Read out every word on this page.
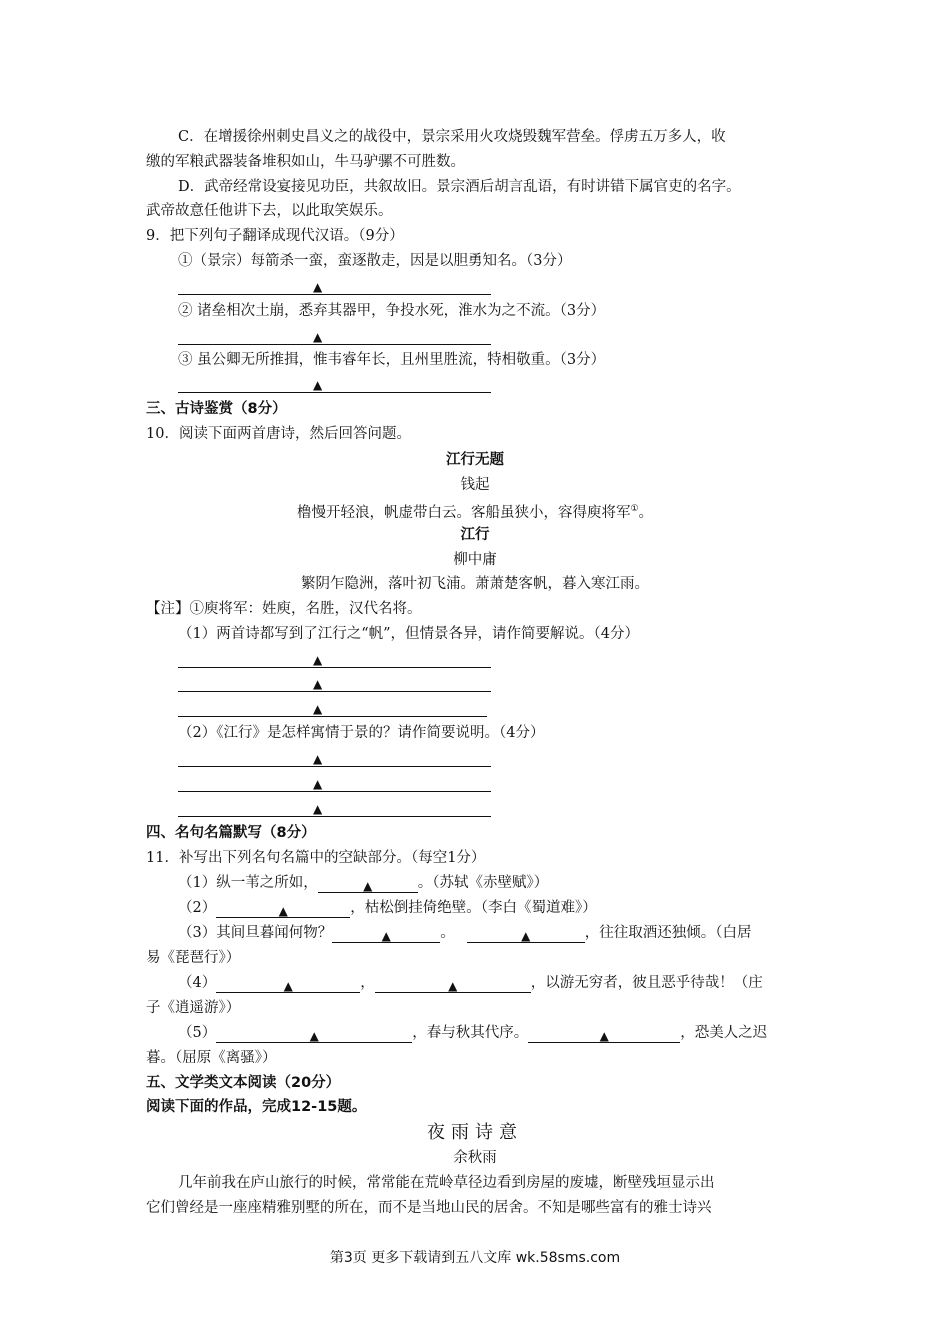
C．在增援徐州刺史昌义之的战役中，景宗采用火攻烧毁魏军营垒。俘虏五万多人，收
缴的军粮武器装备堆积如山，牛马驴骡不可胜数。
D．武帝经常设宴接见功臣，共叙故旧。景宗酒后胡言乱语，有时讲错下属官吏的名字。
武帝故意任他讲下去，以此取笑娱乐。
9．把下列句子翻译成现代汉语。（9分）
①（景宗）每箭杀一蛮，蛮逐散走，因是以胆勇知名。（3分）
▲
② 诸垒相次土崩，悉弃其器甲，争投水死，淮水为之不流。（3分）
▲
③ 虽公卿无所推揖，惟韦睿年长，且州里胜流，特相敬重。（3分）
▲
三、古诗鉴赏（8分）
10．阅读下面两首唐诗，然后回答问题。
江行无题
钱起
橹慢开轻浪，帆虚带白云。客船虽狭小，容得庾将军①。
江行
柳中庸
繁阴乍隐洲，落叶初飞浦。萧萧楚客帆，暮入寒江雨。
【注】①庾将军：姓庾，名胜，汉代名将。
（1）两首诗都写到了江行之“帆”，但情景各异，请作简要解说。（4分）
▲
▲
▲
（2）《江行》是怎样寓情于景的？请作简要说明。（4分）
▲
▲
▲
四、名句名篇默写（8分）
11．补写出下列名句名篇中的空缺部分。（每空1分）
（1）纵一苇之所如，	▲	。（苏轼《赤壁赋》）
（2）	▲	，枯松倒挂倚绝壁。（李白《蜀道难》）
（3）其间旦暮闻何物？	▲	。	▲	，往往取酒还独倾。（白居
易《琵琶行》）
（4）	▲	，	▲	，以游无穷者，彼且恶乎待哉！（庄
子《逍遥游》）
（5）	▲	，春与秋其代序。	▲	，恐美人之迟
暮。（屈原《离骚》）
五、文学类文本阅读（20分）
阅读下面的作品，完成12-15题。
夜雨诗意
余秋雨
几年前我在庐山旅行的时候，常常能在荒岭草径边看到房屋的废墟，断壁残垣显示出
它们曾经是一座座精雅别墅的所在，而不是当地山民的居舍。不知是哪些富有的雅士诗兴
第3页 更多下载请到五八文库 wk.58sms.com
